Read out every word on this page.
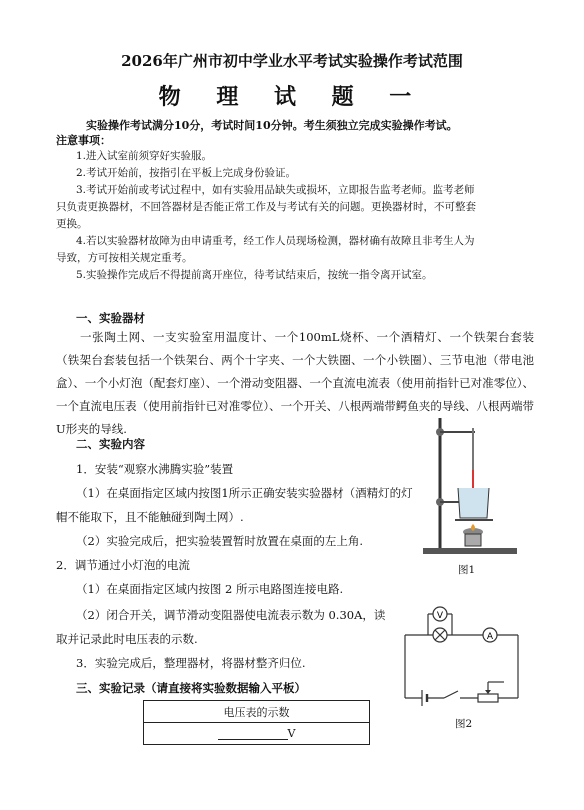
2026年广州市初中学业水平考试实验操作考试范围

物 理 试 题 一

实验操作考试满分10分，考试时间10分钟。考生须独立完成实验操作考试。

注意事项：

1.进入试室前须穿好实验服。

2.考试开始前，按指引在平板上完成身份验证。

3.考试开始前或考试过程中，如有实验用品缺失或损坏，立即报告监考老师。监考老师

只负责更换器材，不回答器材是否能正常工作及与考试有关的问题。更换器材时，不可整套

更换。

4.若以实验器材故障为由申请重考，经工作人员现场检测，器材确有故障且非考生人为

导致，方可按相关规定重考。

5.实验操作完成后不得提前离开座位，待考试结束后，按统一指令离开试室。

一、实验器材

一张陶土网、一支实验室用温度计、一个100mL烧杯、一个酒精灯、一个铁架台套装（铁架台套装包括一个铁架台、两个十字夹、一个大铁圈、一个小铁圈）、三节电池（带电池盒）、一个小灯泡（配套灯座）、一个滑动变阻器、一个直流电流表（使用前指针已对准零位）、一个直流电压表（使用前指针已对准零位）、一个开关、八根两端带鳄鱼夹的导线、八根两端带U形夹的导线.

二、实验内容

1．安装“观察水沸腾实验”装置

（1）在桌面指定区域内按图1所示正确安装实验器材（酒精灯的灯

帽不能取下，且不能触碰到陶土网）.

（2）实验完成后，把实验装置暂时放置在桌面的左上角.

2．调节通过小灯泡的电流

（1）在桌面指定区域内按图 2 所示电路图连接电路.

（2）闭合开关，调节滑动变阻器使电流表示数为 0.30A，读

取并记录此时电压表的示数.

3．实验完成后，整理器材，将器材整齐归位.

三、实验记录（请直接将实验数据输入平板）

电压表的示数
V

图1

A
V

图2
